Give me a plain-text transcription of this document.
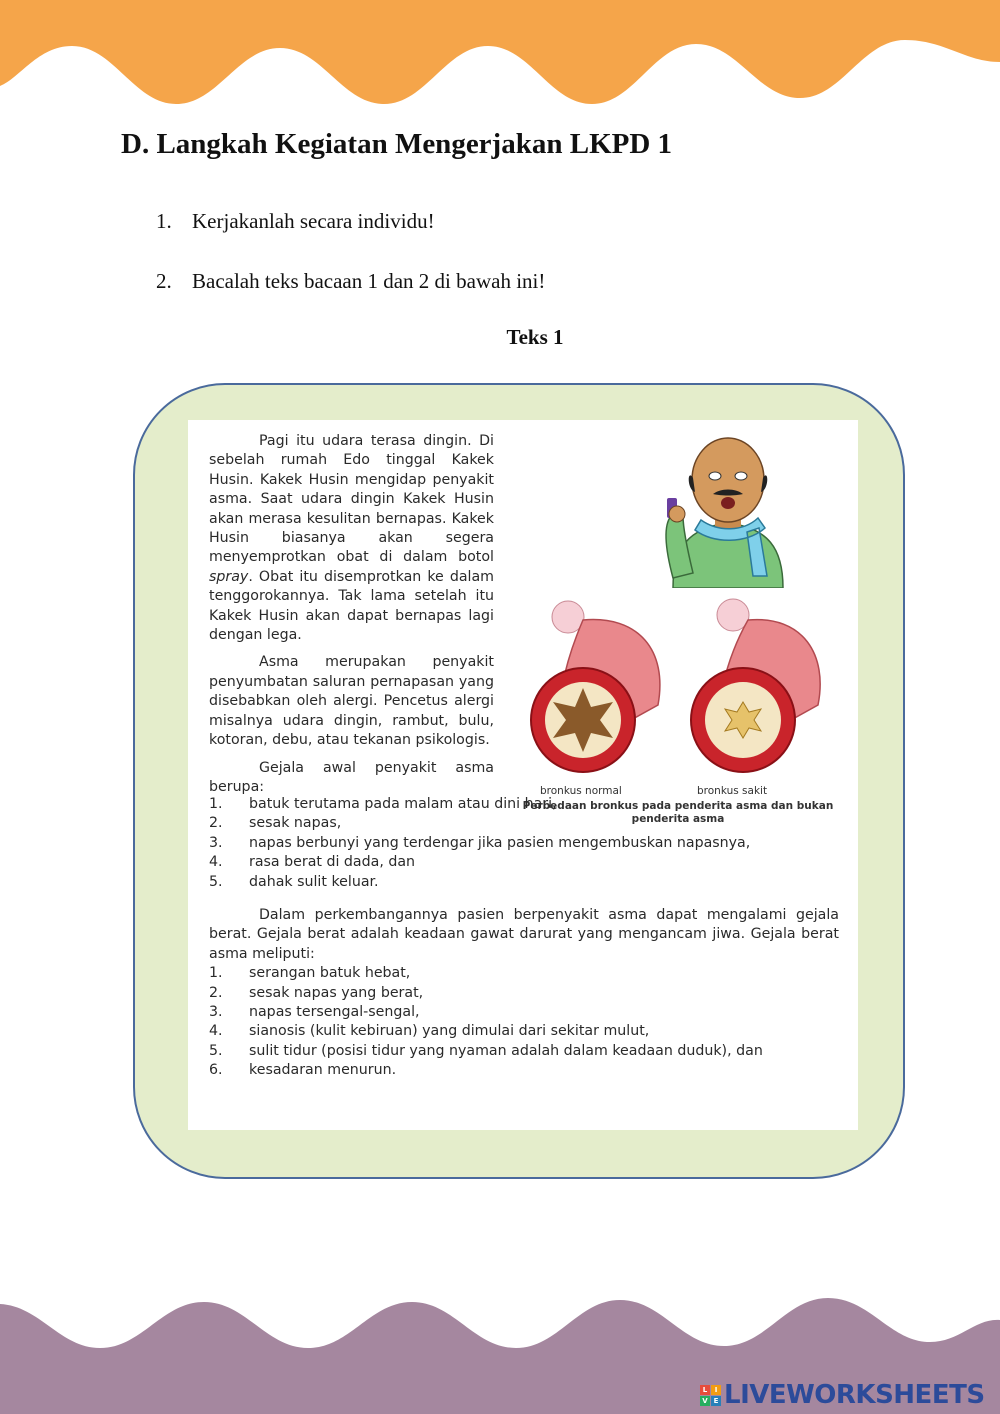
D. Langkah Kegiatan Mengerjakan LKPD 1
1. Kerjakanlah secara individu!
2. Bacalah teks bacaan 1 dan 2 di bawah ini!
Teks 1

Pagi itu udara terasa dingin. Di sebelah rumah Edo tinggal Kakek Husin. Kakek Husin mengidap penyakit asma. Saat udara dingin Kakek Husin akan merasa kesulitan bernapas. Kakek Husin biasanya akan segera menyemprotkan obat di dalam botol spray. Obat itu disemprotkan ke dalam tenggorokannya. Tak lama setelah itu Kakek Husin akan dapat bernapas lagi dengan lega.

Asma merupakan penyakit penyumbatan saluran pernapasan yang disebabkan oleh alergi. Pencetus alergi misalnya udara dingin, rambut, bulu, kotoran, debu, atau tekanan psikologis.

Gejala awal penyakit asma berupa:	bronkus normal	bronkus sakit
Perbedaan bronkus pada penderita asma dan bukan penderita asma
1.	batuk terutama pada malam atau dini hari,
2.	sesak napas,
3.	napas berbunyi yang terdengar jika pasien mengembuskan napasnya,
4.	rasa berat di dada, dan
5.	dahak sulit keluar.

Dalam perkembangannya pasien berpenyakit asma dapat mengalami gejala berat. Gejala berat adalah keadaan gawat darurat yang mengancam jiwa. Gejala berat asma meliputi:

1.	serangan batuk hebat,
2.	sesak napas yang berat,
3.	napas tersengal-sengal,
4.	sianosis (kulit kebiruan) yang dimulai dari sekitar mulut,
5.	sulit tidur (posisi tidur yang nyaman adalah dalam keadaan duduk), dan
6.	kesadaran menurun.
L	I
V E LIVEWORKSHEETS
